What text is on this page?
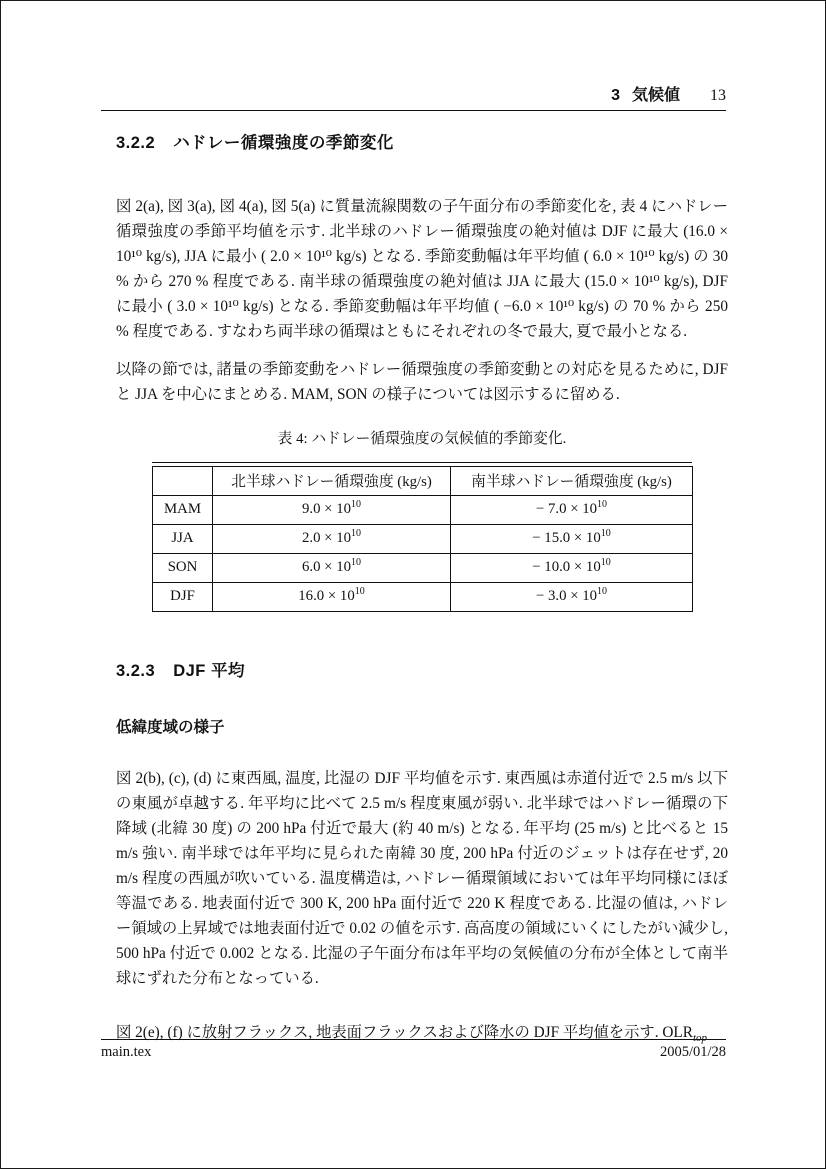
3 気候値 13
3.2.2 ハドレー循環強度の季節変化

図 2(a), 図 3(a), 図 4(a), 図 5(a) に質量流線関数の子午面分布の季節変化を, 表 4 にハドレー循環強度の季節平均値を示す. 北半球のハドレー循環強度の絶対値は DJF に最大 (16.0 × 10¹⁰ kg/s), JJA に最小 ( 2.0 × 10¹⁰ kg/s) となる. 季節変動幅は年平均値 ( 6.0 × 10¹⁰ kg/s) の 30 % から 270 % 程度である. 南半球の循環強度の絶対値は JJA に最大 (15.0 × 10¹⁰ kg/s), DJF に最小 ( 3.0 × 10¹⁰ kg/s) となる. 季節変動幅は年平均値 ( −6.0 × 10¹⁰ kg/s) の 70 % から 250 % 程度である. すなわち両半球の循環はともにそれぞれの冬で最大, 夏で最小となる.

以降の節では, 諸量の季節変動をハドレー循環強度の季節変動との対応を見るために, DJF と JJA を中心にまとめる. MAM, SON の様子については図示するに留める.

表 4: ハドレー循環強度の気候値的季節変化.
	北半球ハドレー循環強度 (kg/s)	南半球ハドレー循環強度 (kg/s)
MAM	$9.0 \times 10^{10}$	− $7.0 \times 10^{10}$
JJA	$2.0 \times 10^{10}$	− $15.0 \times 10^{10}$
SON	$6.0 \times 10^{10}$	− $10.0 \times 10^{10}$
DJF	$16.0 \times 10^{10}$	− $3.0 \times 10^{10}$
3.2.3 DJF 平均
低緯度域の様子

図 2(b), (c), (d) に東西風, 温度, 比湿の DJF 平均値を示す. 東西風は赤道付近で 2.5 m/s 以下の東風が卓越する. 年平均に比べて 2.5 m/s 程度東風が弱い. 北半球ではハドレー循環の下降域 (北緯 30 度) の 200 hPa 付近で最大 (約 40 m/s) となる. 年平均 (25 m/s) と比べると 15 m/s 強い. 南半球では年平均に見られた南緯 30 度, 200 hPa 付近のジェットは存在せず, 20 m/s 程度の西風が吹いている. 温度構造は, ハドレー循環領域においては年平均同様にほぼ等温である. 地表面付近で 300 K, 200 hPa 面付近で 220 K 程度である. 比湿の値は, ハドレー領域の上昇域では地表面付近で 0.02 の値を示す. 高高度の領域にいくにしたがい減少し, 500 hPa 付近で 0.002 となる. 比湿の子午面分布は年平均の気候値の分布が全体として南半球にずれた分布となっている.

図 2(e), (f) に放射フラックス, 地表面フラックスおよび降水の DJF 平均値を示す. $OLR_{top}$

main.tex	2005/01/28
